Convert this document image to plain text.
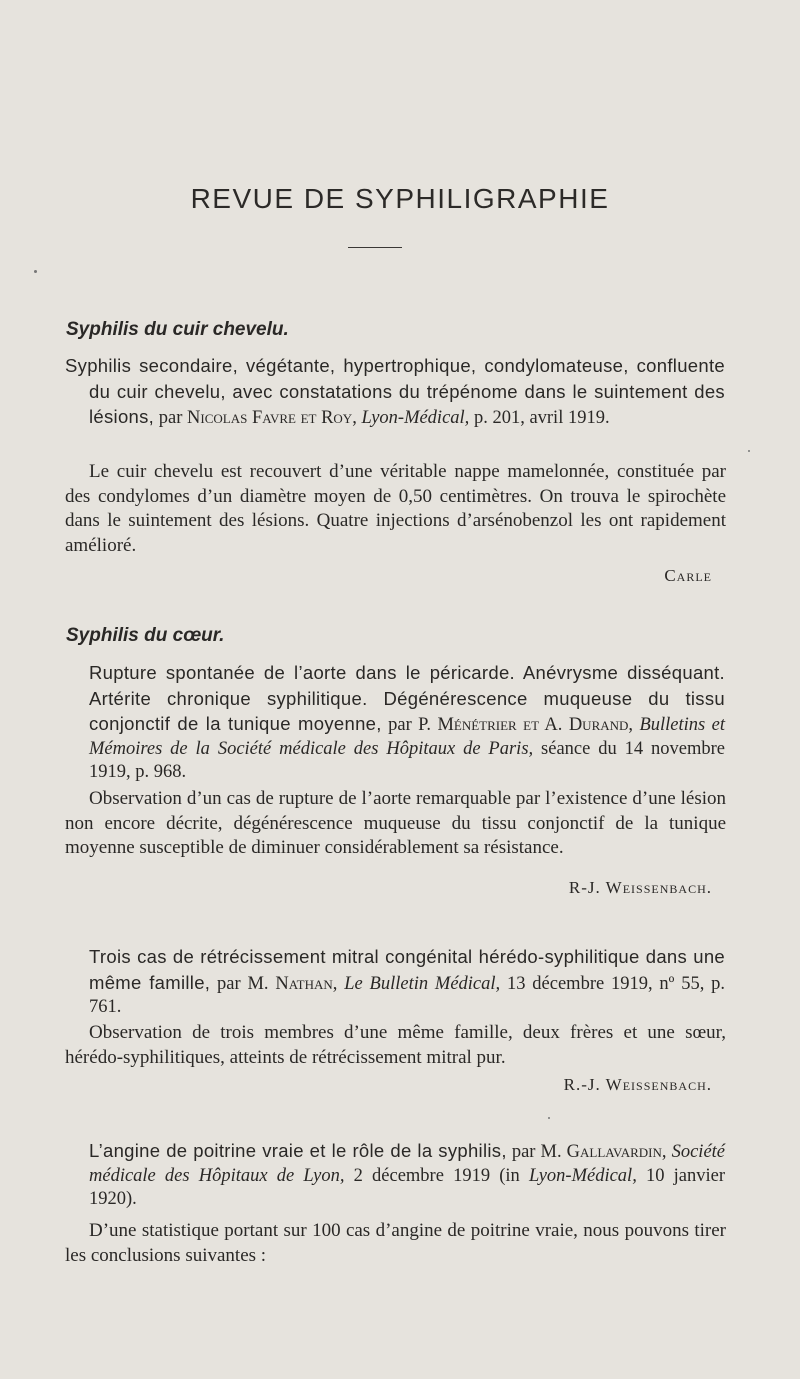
REVUE DE SYPHILIGRAPHIE
Syphilis du cuir chevelu.
Syphilis secondaire, végétante, hypertrophique, condylomateuse, confluente du cuir chevelu, avec constatations du trépénome dans le suintement des lésions, par Nicolas Favre et Roy, Lyon-Médical, p. 201, avril 1919.
Le cuir chevelu est recouvert d’une véritable nappe mamelonnée, constituée par des condylomes d’un diamètre moyen de 0,50 centimètres. On trouva le spirochète dans le suintement des lésions. Quatre injections d’arsénobenzol les ont rapidement amélioré.
Carle
Syphilis du cœur.
Rupture spontanée de l’aorte dans le péricarde. Anévrysme disséquant. Artérite chronique syphilitique. Dégénérescence muqueuse du tissu conjonctif de la tunique moyenne, par P. Ménétrier et A. Durand, Bulletins et Mémoires de la Société médicale des Hôpitaux de Paris, séance du 14 novembre 1919, p. 968.
Observation d’un cas de rupture de l’aorte remarquable par l’existence d’une lésion non encore décrite, dégénérescence muqueuse du tissu conjonctif de la tunique moyenne susceptible de diminuer considérablement sa résistance.
R-J. Weissenbach.
Trois cas de rétrécissement mitral congénital hérédo-syphilitique dans une même famille, par M. Nathan, Le Bulletin Médical, 13 décembre 1919, nº 55, p. 761.
Observation de trois membres d’une même famille, deux frères et une sœur, hérédo-syphilitiques, atteints de rétrécissement mitral pur.
R.-J. Weissenbach.
L’angine de poitrine vraie et le rôle de la syphilis, par M. Gallavardin, Société médicale des Hôpitaux de Lyon, 2 décembre 1919 (in Lyon-Médical, 10 janvier 1920).
D’une statistique portant sur 100 cas d’angine de poitrine vraie, nous pouvons tirer les conclusions suivantes :
